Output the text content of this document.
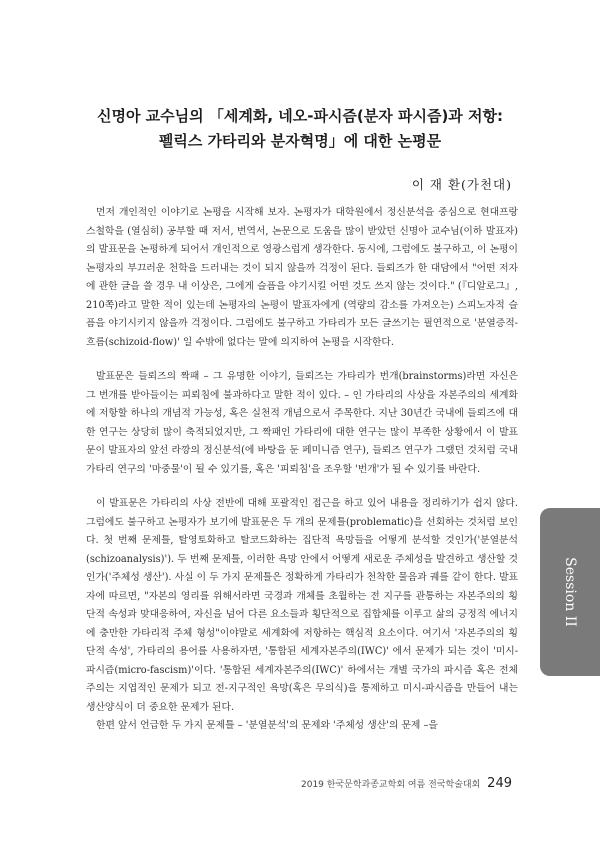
신명아 교수님의 「세계화, 네오-파시즘(분자 파시즘)과 저항:
펠릭스 가타리와 분자혁명」에 대한 논평문
이 재 환(가천대)

먼저 개인적인 이야기로 논평을 시작해 보자. 논평자가 대학원에서 정신분석을 중심으로 현대프랑스철학을 (열심히) 공부할 때 저서, 번역서, 논문으로 도움을 많이 받았던 신명아 교수님(이하 발표자)의 발표문을 논평하게 되어서 개인적으로 영광스럽게 생각한다. 동시에, 그럼에도 불구하고, 이 논평이 논평자의 부끄러운 천학을 드러내는 것이 되지 않을까 걱정이 된다. 들뢰즈가 한 대담에서 "어떤 저자에 관한 글을 쓸 경우 내 이상은, 그에게 슬픔을 야기시킬 어떤 것도 쓰지 않는 것이다." (『디알로그』, 210쪽)라고 말한 적이 있는데 논평자의 논평이 발표자에게 (역량의 감소를 가져오는) 스피노자적 슬픔을 야기시키지 않을까 걱정이다. 그럼에도 불구하고 가타리가 모든 글쓰기는 필연적으로 '분열증적-흐름(schizoid-flow)' 일 수밖에 없다는 말에 의지하여 논평을 시작한다.

발표문은 들뢰즈의 짝패 – 그 유명한 이야기, 들뢰즈는 가타리가 번개(brainstorms)라면 자신은 그 번개를 받아들이는 피뢰침에 불과하다고 말한 적이 있다. – 인 가타리의 사상을 자본주의의 세계화에 저항할 하나의 개념적 가능성, 혹은 실천적 개념으로서 주목한다. 지난 30년간 국내에 들뢰즈에 대한 연구는 상당히 많이 축적되었지만, 그 짝패인 가타리에 대한 연구는 많이 부족한 상황에서 이 발표문이 발표자의 앞선 라깡의 정신분석(에 바탕을 둔 페미니즘 연구), 들뢰즈 연구가 그랬던 것처럼 국내 가타리 연구의 '마중물'이 될 수 있기를, 혹은 '피뢰침'을 조우할 '번개'가 될 수 있기를 바란다.

이 발표문은 가타리의 사상 전반에 대해 포괄적인 접근을 하고 있어 내용을 정리하기가 쉽지 않다. 그럼에도 불구하고 논평자가 보기에 발표문은 두 개의 문제틀(problematic)을 선회하는 것처럼 보인다. 첫 번째 문제틀, 탈영토화하고 탈코드화하는 집단적 욕망들을 어떻게 분석할 것인가('분열분석(schizoanalysis)'). 두 번째 문제틀, 이러한 욕망 안에서 어떻게 새로운 주체성을 발견하고 생산할 것인가('주체성 생산'). 사실 이 두 가지 문제틀은 정확하게 가타리가 천착한 물음과 궤를 같이 한다. 발표자에 따르면, "자본의 영리를 위해서라면 국경과 개체를 초월하는 전 지구를 관통하는 자본주의의 횡단적 속성과 맞대응하여, 자신을 넘어 다른 요소들과 횡단적으로 집합체를 이루고 삶의 긍정적 에너지에 충만한 가타리적 주체 형성"이야말로 세계화에 저항하는 핵심적 요소이다. 여기서 '자본주의의 횡단적 속성', 가타리의 용어를 사용하자면, '통합된 세계자본주의(IWC)' 에서 문제가 되는 것이 '미시-파시즘(micro-fascism)'이다. '통합된 세계자본주의(IWC)' 하에서는 개별 국가의 파시즘 혹은 전체주의는 지엽적인 문제가 되고 전-지구적인 욕망(혹은 무의식)을 통제하고 미시-파시즘을 만들어 내는 생산양식이 더 중요한 문제가 된다.

한편 앞서 언급한 두 가지 문제틀 – '분열분석'의 문제와 '주체성 생산'의 문제 –을

Session II
2019 한국문학과종교학회 여름 전국학술대회 249
